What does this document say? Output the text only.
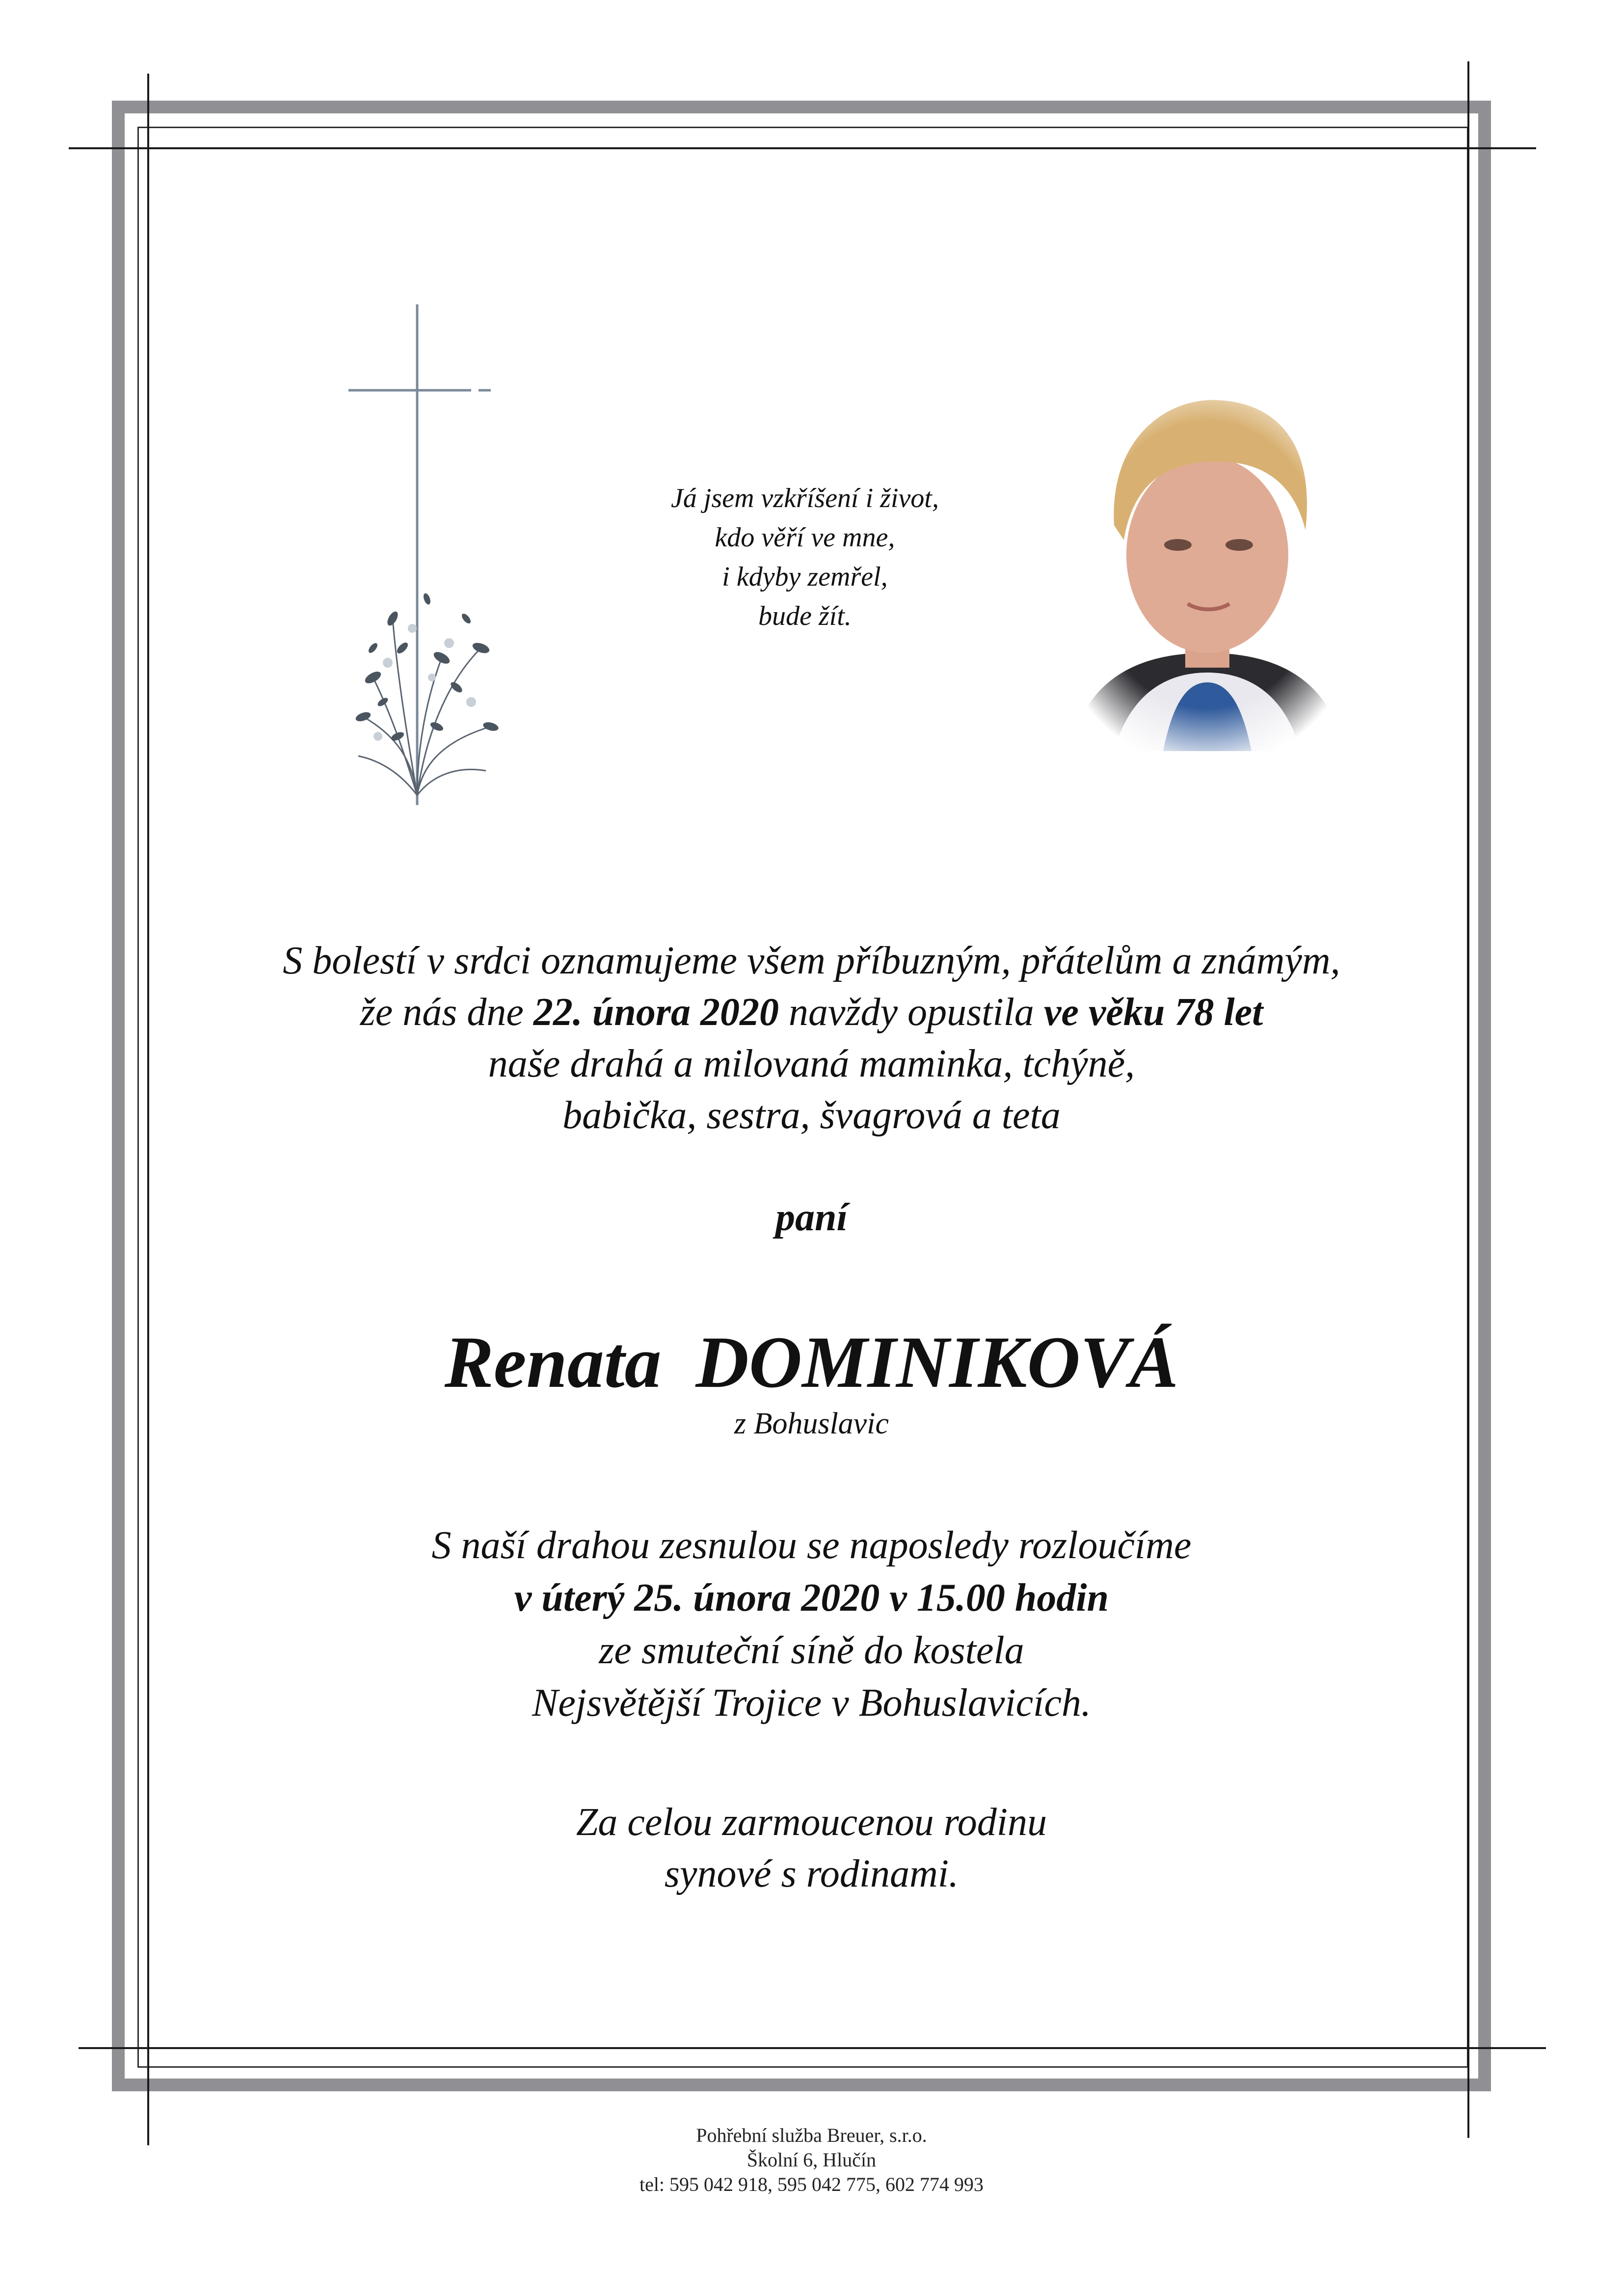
Já jsem vzkříšení i život,
kdo věří ve mne,
i kdyby zemřel,
bude žít.
S bolestí v srdci oznamujeme všem příbuzným, přátelům a známým,
že nás dne 22. února 2020 navždy opustila ve věku 78 let
naše drahá a milovaná maminka, tchýně,
babička, sestra, švagrová a teta
paní
Renata DOMINIKOVÁ
z Bohuslavic
S naší drahou zesnulou se naposledy rozloučíme
v úterý 25. února 2020 v 15.00 hodin
ze smuteční síně do kostela
Nejsvětější Trojice v Bohuslavicích.
Za celou zarmoucenou rodinu
synové s rodinami.
Pohřební služba Breuer, s.r.o.
Školní 6, Hlučín
tel: 595 042 918, 595 042 775, 602 774 993
